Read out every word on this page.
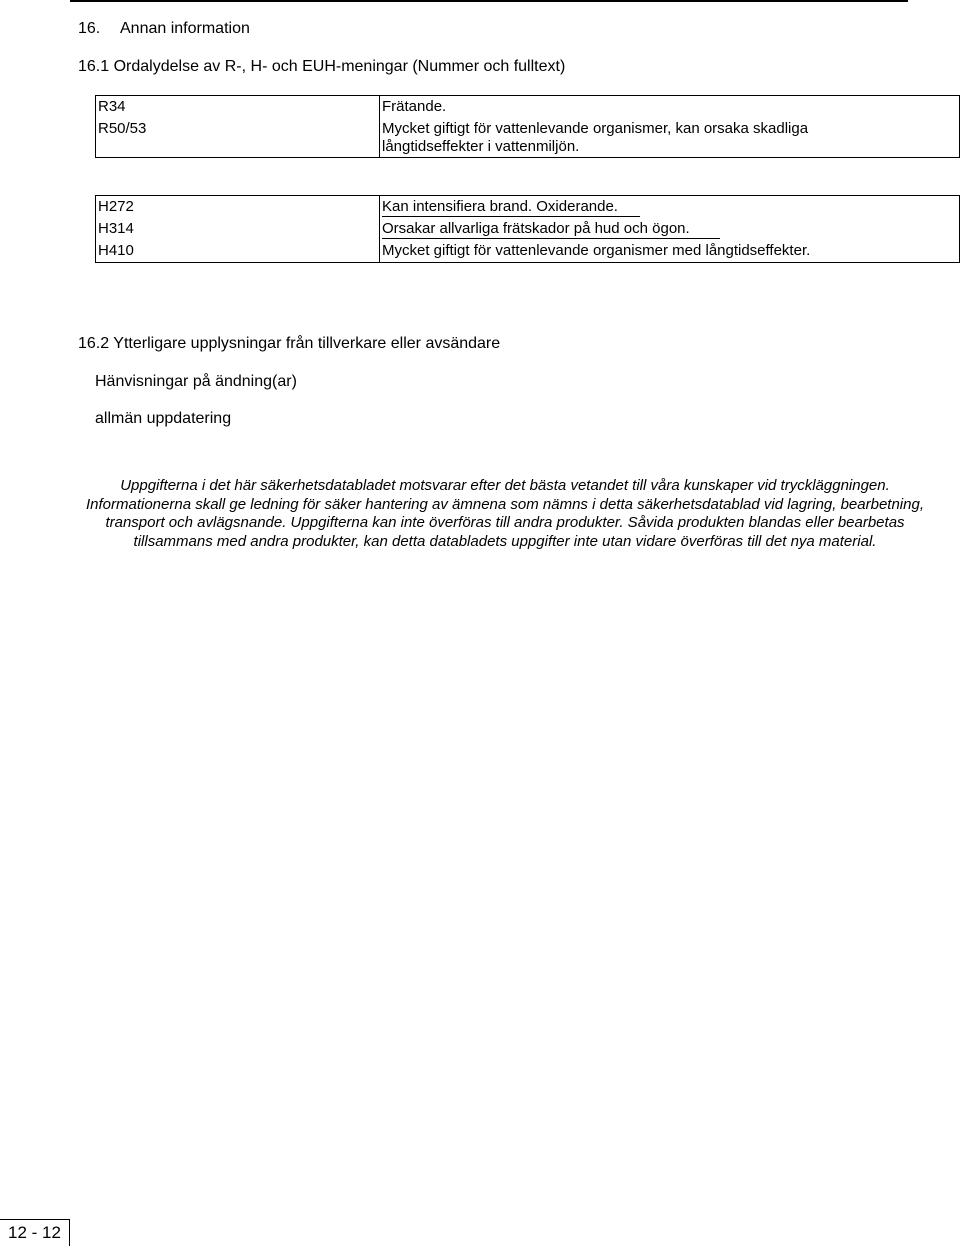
16. Annan information
16.1 Ordalydelse av R-, H- och EUH-meningar (Nummer och fulltext)
R34
R50/53
Frätande.
Mycket giftigt för vattenlevande organismer, kan orsaka skadliga
långtidseffekter i vattenmiljön.
H272
H314
H410
Kan intensifiera brand. Oxiderande.
Orsakar allvarliga frätskador på hud och ögon.
Mycket giftigt för vattenlevande organismer med långtidseffekter.
16.2 Ytterligare upplysningar från tillverkare eller avsändare
Hänvisningar på ändning(ar)
allmän uppdatering
Uppgifterna i det här säkerhetsdatabladet motsvarar efter det bästa vetandet till våra kunskaper vid tryckläggningen. Informationerna skall ge ledning för säker hantering av ämnena som nämns i detta säkerhetsdatablad vid lagring, bearbetning, transport och avlägsnande. Uppgifterna kan inte överföras till andra produkter. Såvida produkten blandas eller bearbetas tillsammans med andra produkter, kan detta databladets uppgifter inte utan vidare överföras till det nya material.
12 - 12
